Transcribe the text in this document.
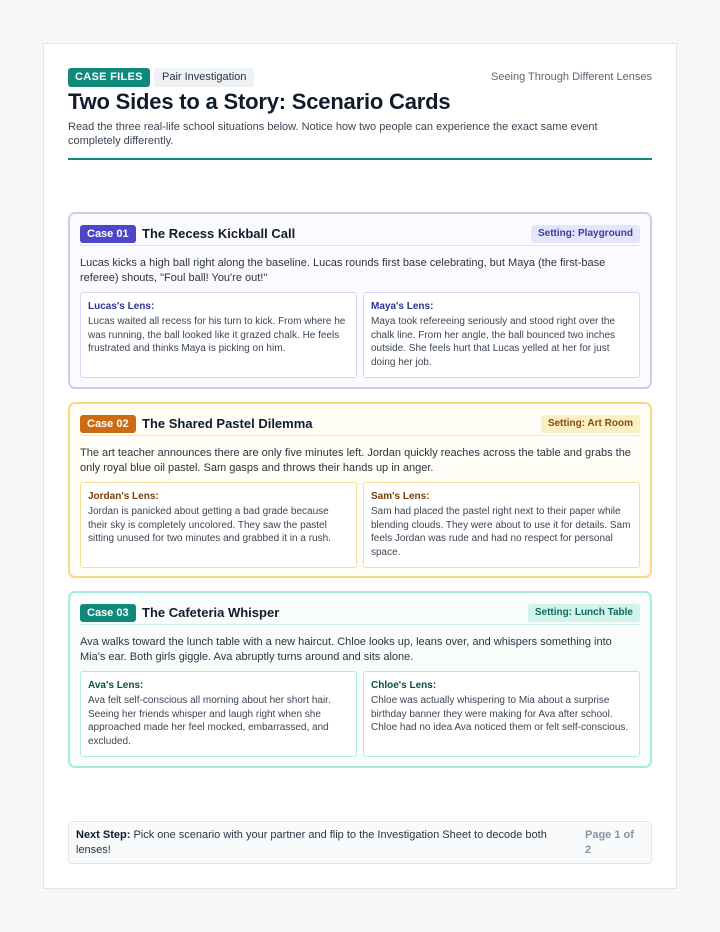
CASE FILES	Pair Investigation	Seeing Through Different Lenses
Two Sides to a Story: Scenario Cards

Read the three real-life school situations below. Notice how two people can experience the exact same event completely differently.

Case 01	The Recess Kickball Call	Setting: Playground

Lucas kicks a high ball right along the baseline. Lucas rounds first base celebrating, but Maya (the first-base referee) shouts, "Foul ball! You're out!"

Lucas's Lens:
Lucas waited all recess for his turn to kick. From where he was running, the ball looked like it grazed chalk. He feels frustrated and thinks Maya is picking on him.
Maya's Lens:
Maya took refereeing seriously and stood right over the chalk line. From her angle, the ball bounced two inches outside. She feels hurt that Lucas yelled at her for just doing her job.
Case 02	The Shared Pastel Dilemma	Setting: Art Room

The art teacher announces there are only five minutes left. Jordan quickly reaches across the table and grabs the only royal blue oil pastel. Sam gasps and throws their hands up in anger.

Jordan's Lens:
Jordan is panicked about getting a bad grade because their sky is completely uncolored. They saw the pastel sitting unused for two minutes and grabbed it in a rush.
Sam's Lens:
Sam had placed the pastel right next to their paper while blending clouds. They were about to use it for details. Sam feels Jordan was rude and had no respect for personal space.
Case 03	The Cafeteria Whisper	Setting: Lunch Table

Ava walks toward the lunch table with a new haircut. Chloe looks up, leans over, and whispers something into Mia's ear. Both girls giggle. Ava abruptly turns around and sits alone.

Ava's Lens:
Ava felt self-conscious all morning about her short hair. Seeing her friends whisper and laugh right when she approached made her feel mocked, embarrassed, and excluded.
Chloe's Lens:
Chloe was actually whispering to Mia about a surprise birthday banner they were making for Ava after school. Chloe had no idea Ava noticed them or felt self-conscious.

Next Step: Pick one scenario with your partner and flip to the Investigation Sheet to decode both lenses!

Page 1 of 2
